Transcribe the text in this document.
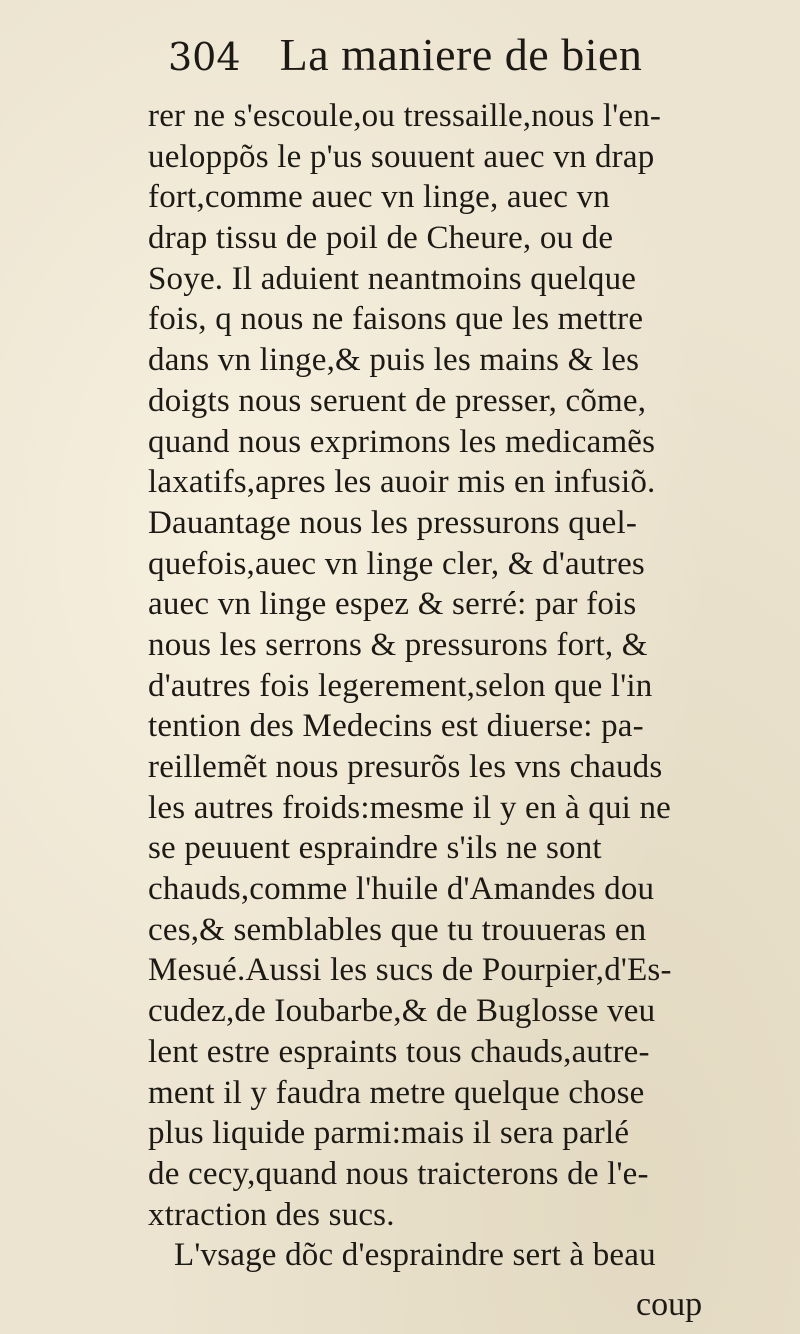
304 La maniere de bien
rer ne s'escoule,ou tressaille,nous l'en-
ueloppõs le p'us souuent auec vn drap
fort,comme auec vn linge, auec vn
drap tissu de poil de Cheure, ou de
Soye. Il aduient neantmoins quelque
fois, q nous ne faisons que les mettre
dans vn linge,& puis les mains & les
doigts nous seruent de presser, cõme,
quand nous exprimons les medicamẽs
laxatifs,apres les auoir mis en infusiõ.
Dauantage nous les pressurons quel-
quefois,auec vn linge cler, & d'autres
auec vn linge espez & serré: par fois
nous les serrons & pressurons fort, &
d'autres fois legerement,selon que l'in
tention des Medecins est diuerse: pa-
reillemẽt nous presurõs les vns chauds
les autres froids:mesme il y en à qui ne
se peuuent espraindre s'ils ne sont
chauds,comme l'huile d'Amandes dou
ces,& semblables que tu trouueras en
Mesué.Aussi les sucs de Pourpier,d'Es-
cudez,de Ioubarbe,& de Buglosse veu
lent estre espraints tous chauds,autre-
ment il y faudra metre quelque chose
plus liquide parmi:mais il sera parlé
de cecy,quand nous traicterons de l'e-
xtraction des sucs.
L'vsage dõc d'espraindre sert à beau
coup
